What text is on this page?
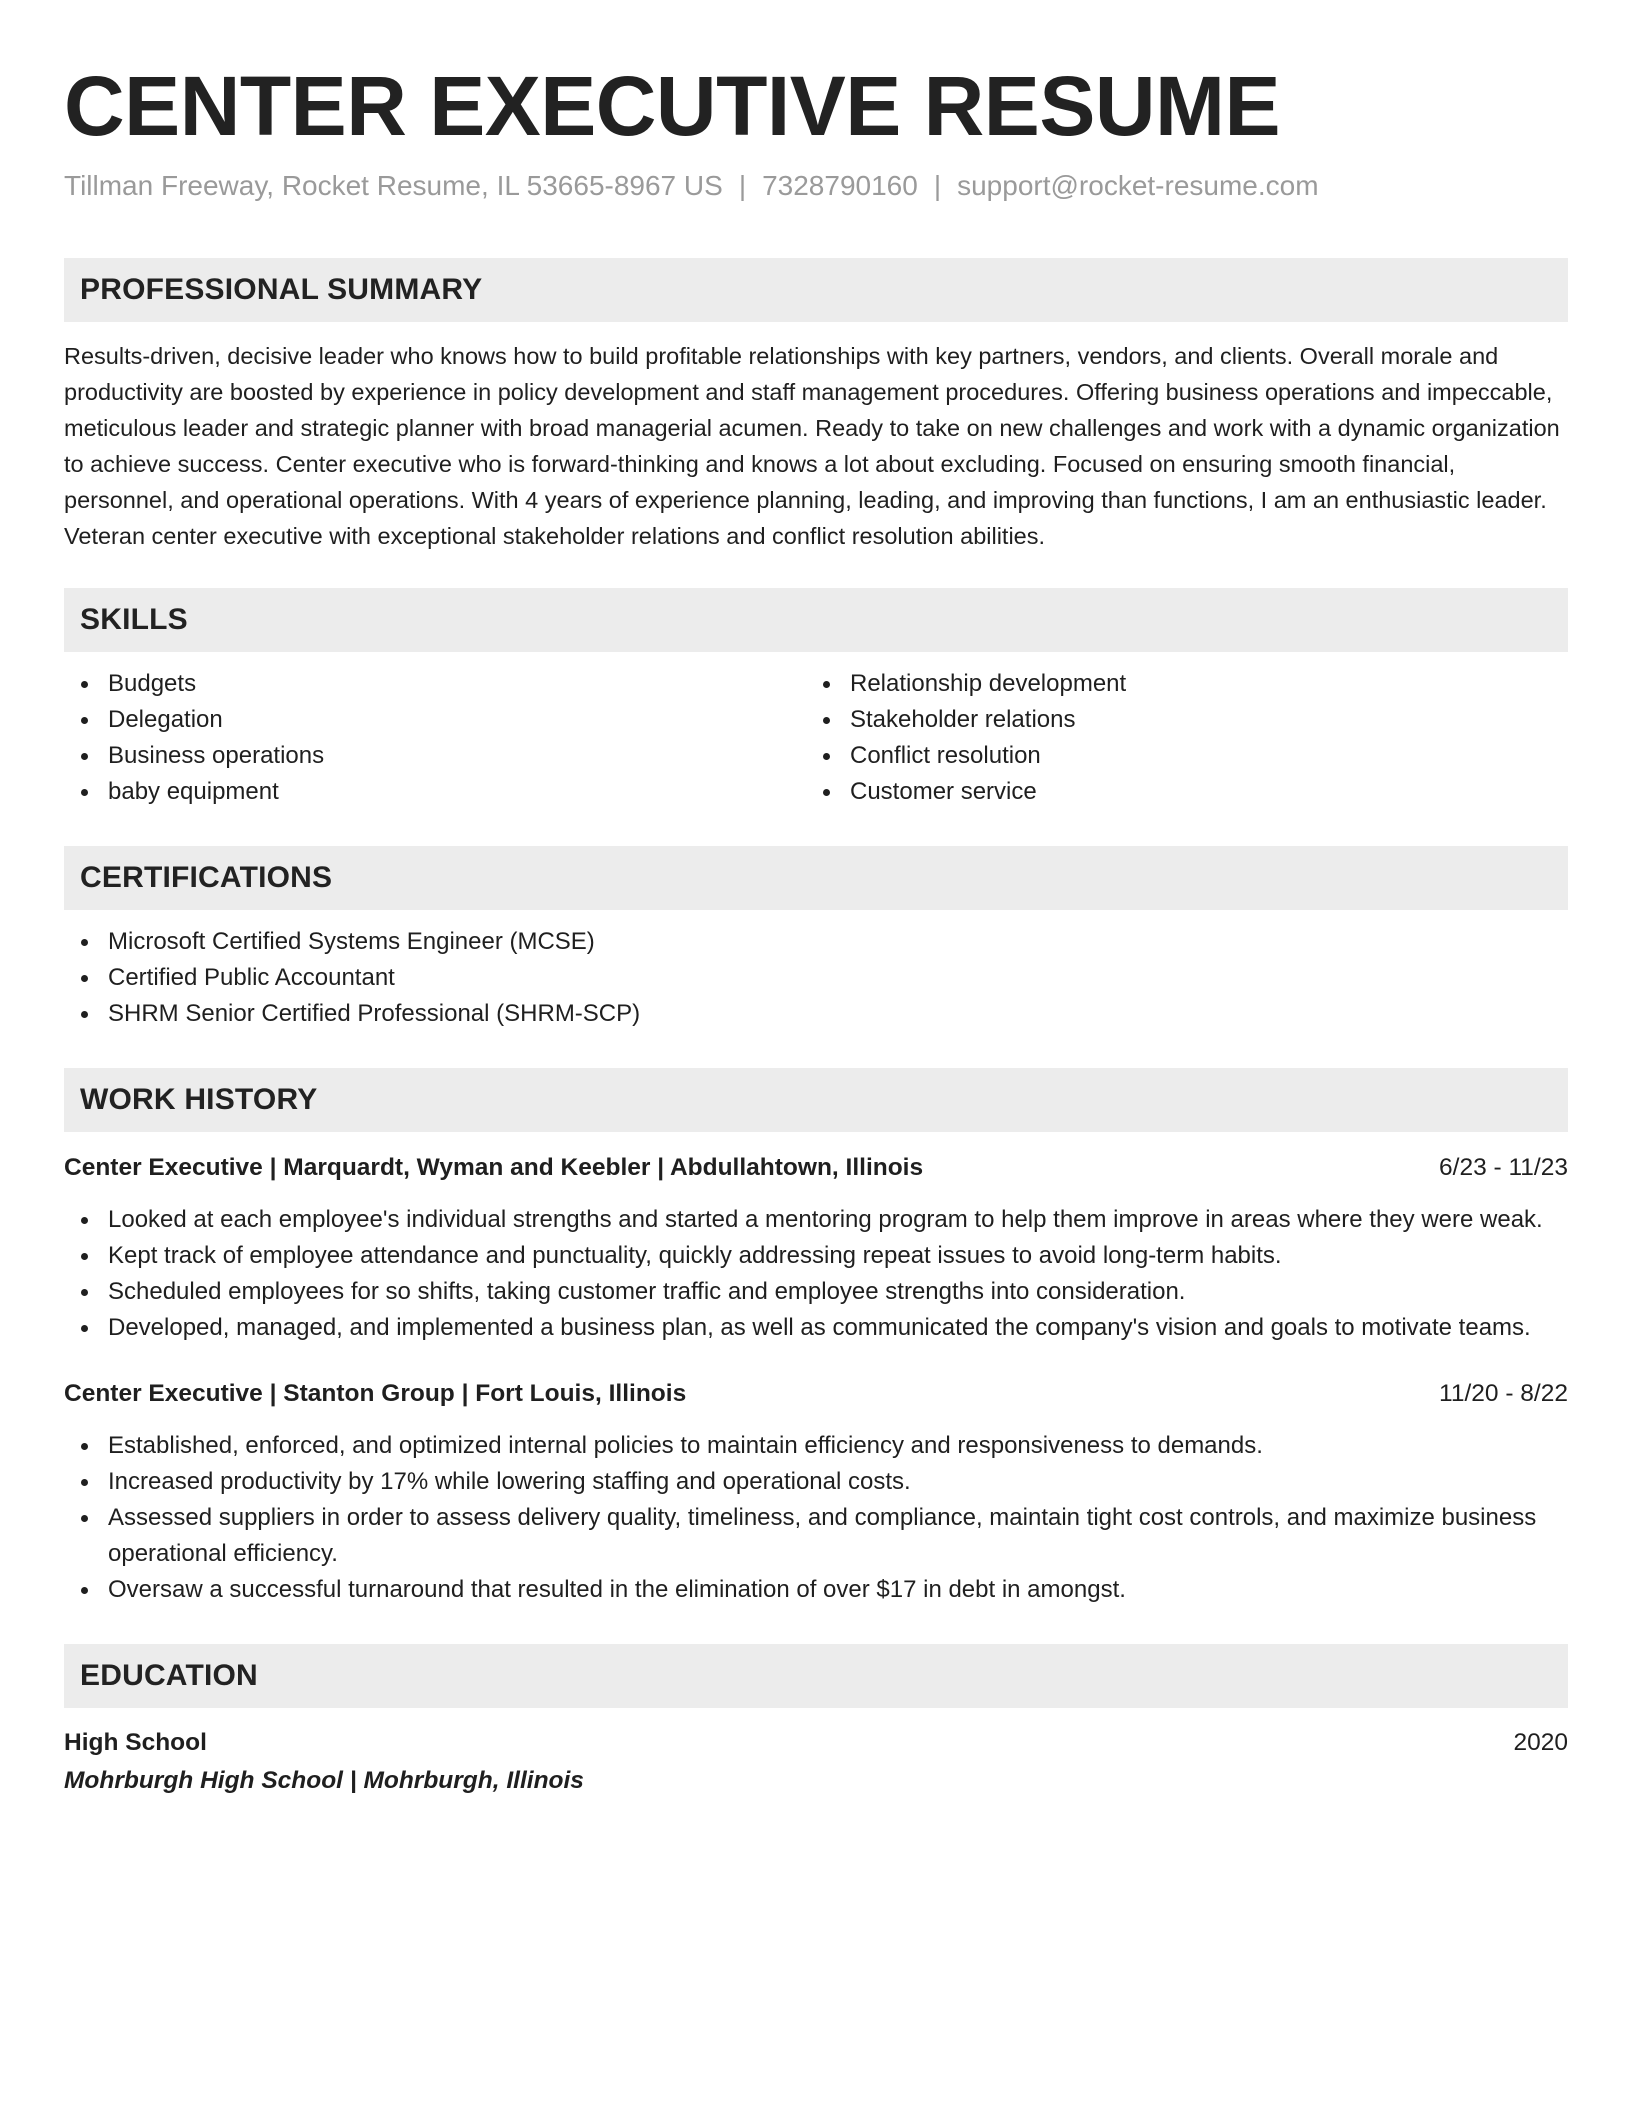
CENTER EXECUTIVE RESUME
Tillman Freeway, Rocket Resume, IL 53665-8967 US | 7328790160 | support@rocket-resume.com
PROFESSIONAL SUMMARY

Results-driven, decisive leader who knows how to build profitable relationships with key partners, vendors, and clients. Overall morale and productivity are boosted by experience in policy development and staff management procedures. Offering business operations and impeccable, meticulous leader and strategic planner with broad managerial acumen. Ready to take on new challenges and work with a dynamic organization to achieve success. Center executive who is forward-thinking and knows a lot about excluding. Focused on ensuring smooth financial, personnel, and operational operations. With 4 years of experience planning, leading, and improving than functions, I am an enthusiastic leader. Veteran center executive with exceptional stakeholder relations and conflict resolution abilities.

SKILLS
Budgets
Delegation
Business operations
baby equipment
Relationship development
Stakeholder relations
Conflict resolution
Customer service
CERTIFICATIONS
Microsoft Certified Systems Engineer (MCSE)
Certified Public Accountant
SHRM Senior Certified Professional (SHRM-SCP)
WORK HISTORY
Center Executive | Marquardt, Wyman and Keebler | Abdullahtown, Illinois	6/23 - 11/23
Looked at each employee's individual strengths and started a mentoring program to help them improve in areas where they were weak.
Kept track of employee attendance and punctuality, quickly addressing repeat issues to avoid long-term habits.
Scheduled employees for so shifts, taking customer traffic and employee strengths into consideration.
Developed, managed, and implemented a business plan, as well as communicated the company's vision and goals to motivate teams.
Center Executive | Stanton Group | Fort Louis, Illinois	11/20 - 8/22
Established, enforced, and optimized internal policies to maintain efficiency and responsiveness to demands.
Increased productivity by 17% while lowering staffing and operational costs.
Assessed suppliers in order to assess delivery quality, timeliness, and compliance, maintain tight cost controls, and maximize business operational efficiency.
Oversaw a successful turnaround that resulted in the elimination of over $17 in debt in amongst.
EDUCATION
High School	2020
Mohrburgh High School | Mohrburgh, Illinois
